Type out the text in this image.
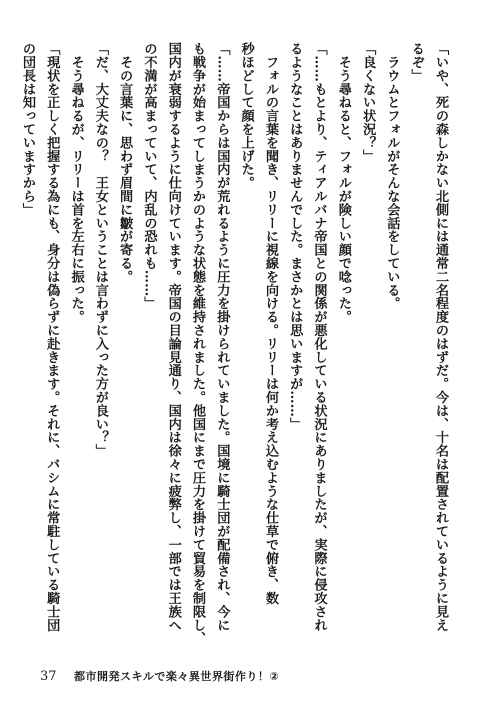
「いや、死の森しかない北側には通常二名程度のはずだ。今は、十名は配置されているように見え
るぞ」
　ラウムとフォルがそんな会話をしている。
「良くない状況？」
　そう尋ねると、フォルが険しい顔で唸った。
「……もとより、ティアルバナ帝国との関係が悪化している状況にありましたが、実際に侵攻され
るようなことはありませんでした。まさかとは思いますが……」
　フォルの言葉を聞き、リリーに視線を向ける。リリーは何か考え込むような仕草で俯き、数
秒ほどして顔を上げた。
「……帝国からは国内が荒れるように圧力を掛けられていました。国境に騎士団が配備され、今に
も戦争が始まってしまうかのような状態を維持されました。他国にまで圧力を掛けて貿易を制限し、
国内が衰弱するように仕向けています。帝国の目論見通り、国内は徐々に疲弊し、一部では王族へ
の不満が高まっていて、内乱の恐れも……」
　その言葉に、思わず眉間に皺が寄る。
「だ、大丈夫なの？　王女ということは言わずに入った方が良い？」
　そう尋ねるが、リリーは首を左右に振った。
「現状を正しく把握する為にも、身分は偽らずに赴きます。それに、バシムに常駐している騎士団
の団長は知っていますから」
37 都市開発スキルで楽々異世界街作り！②
